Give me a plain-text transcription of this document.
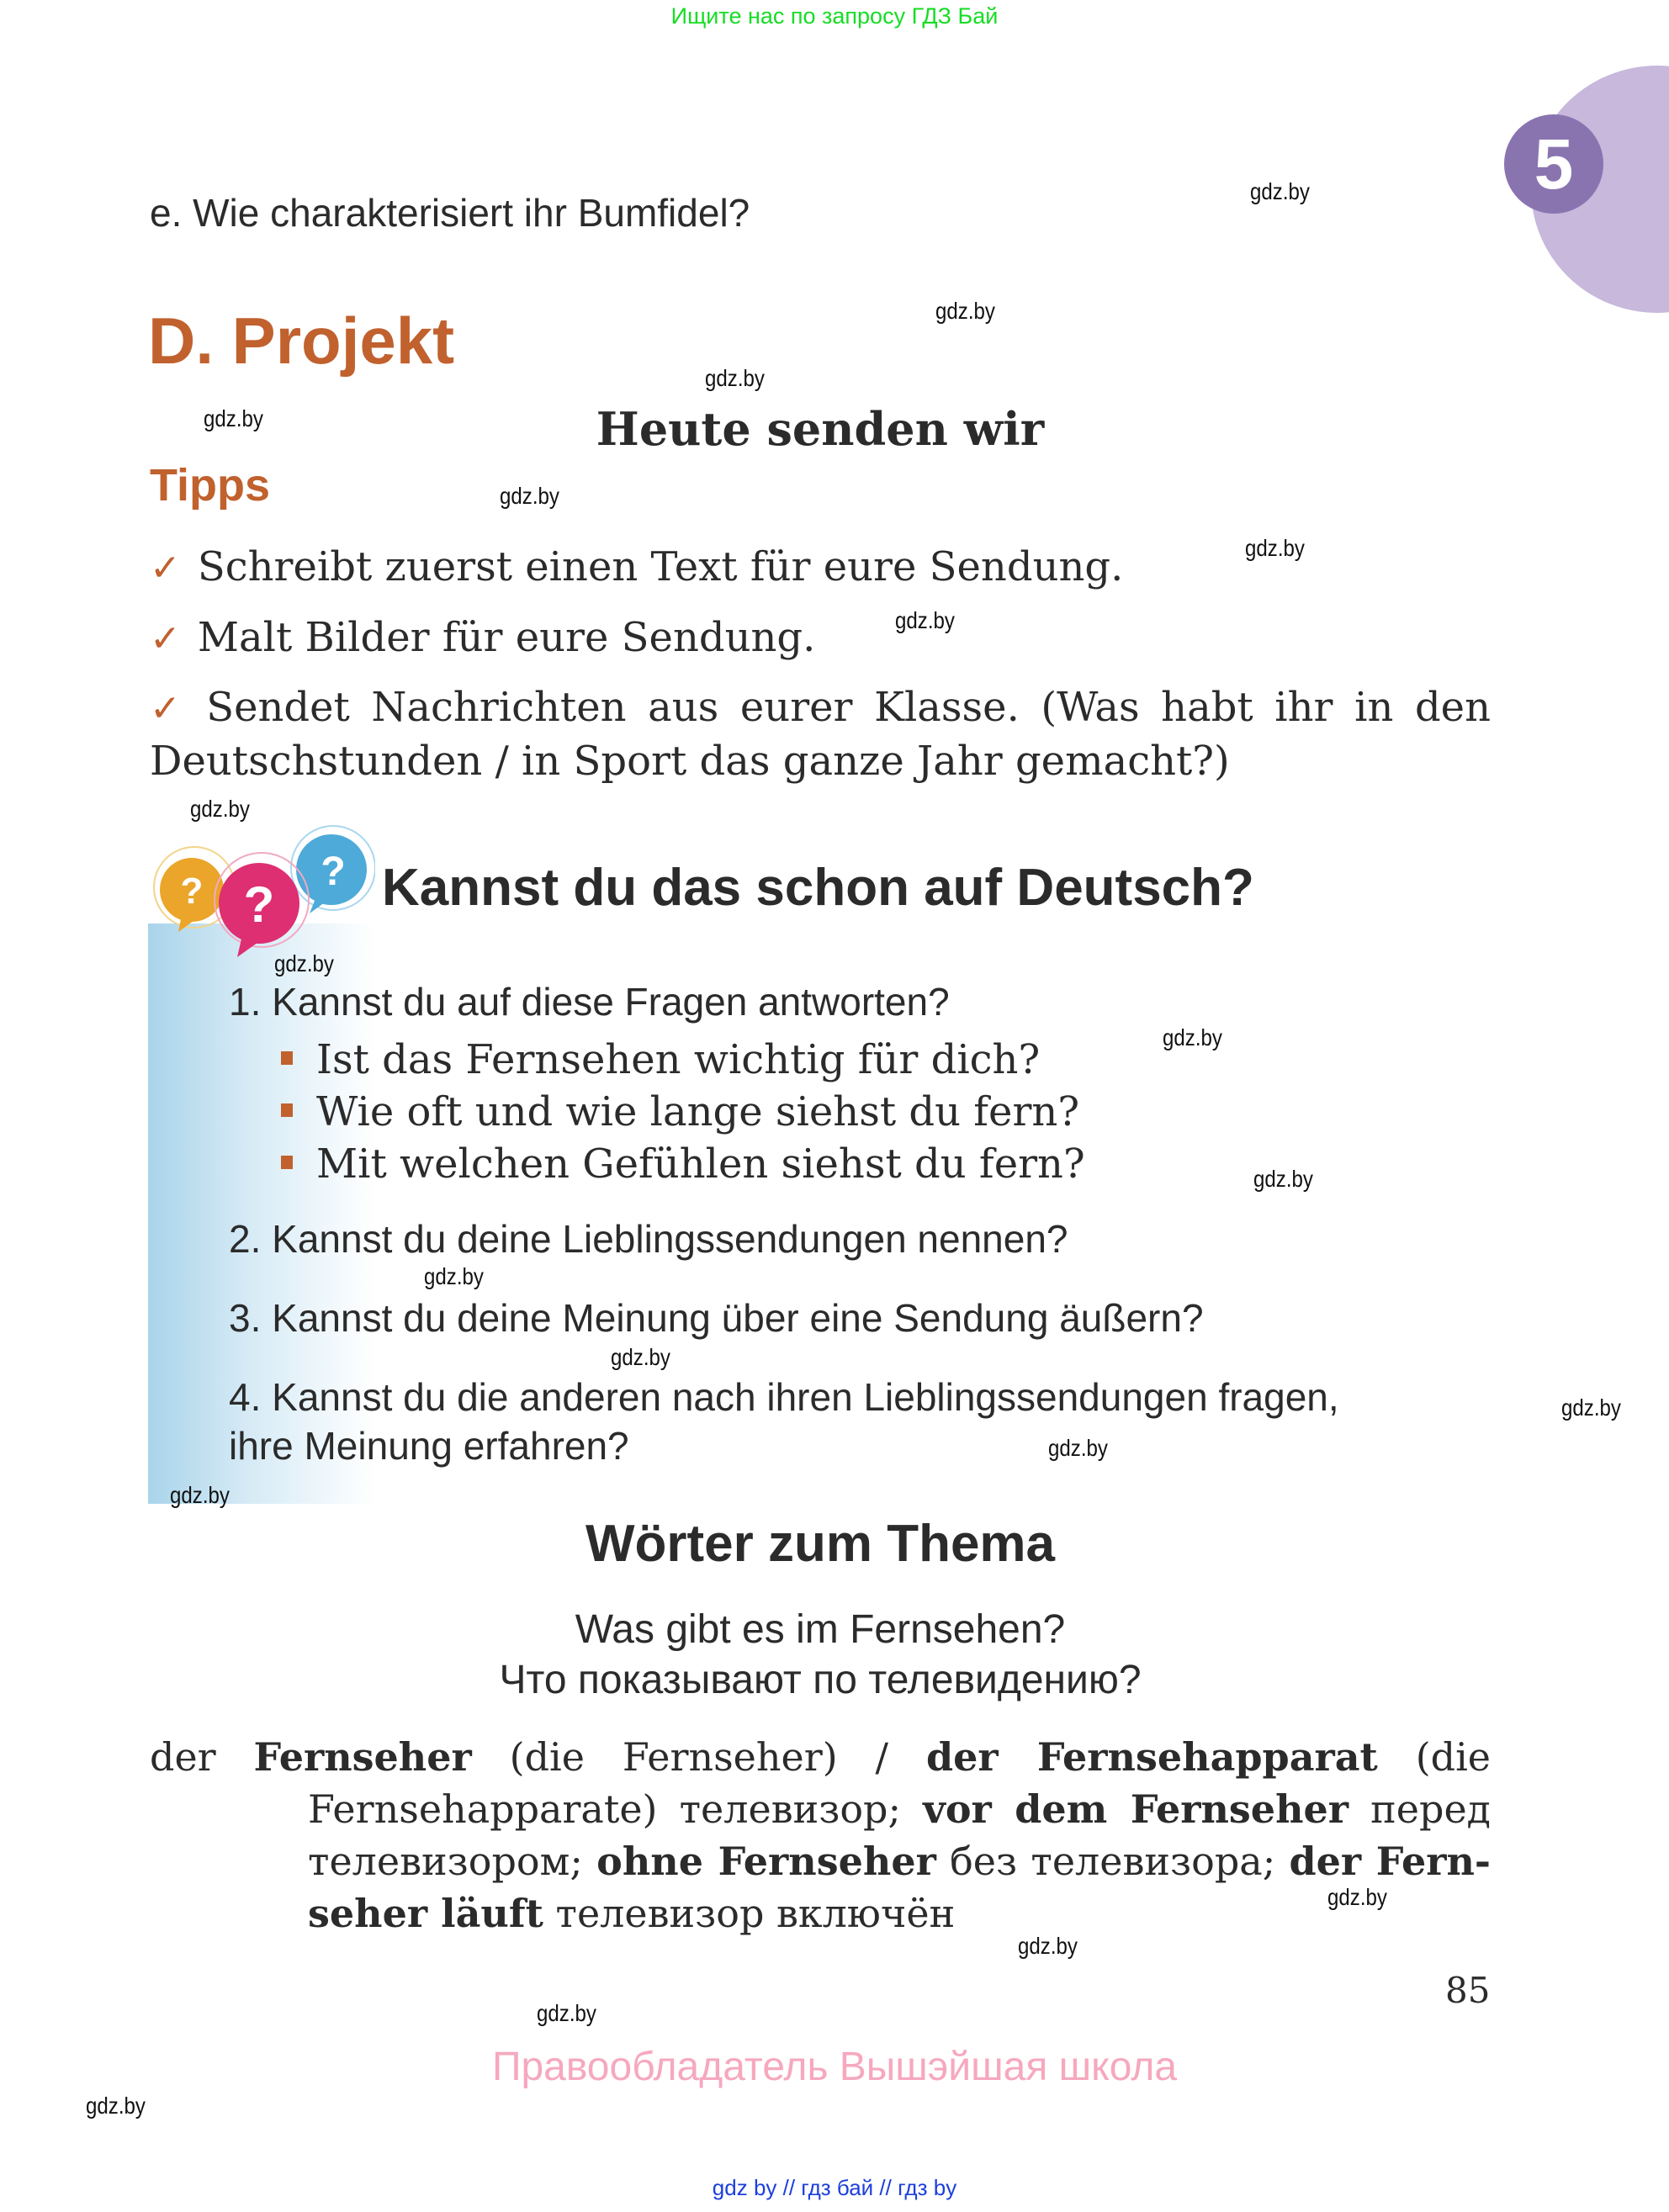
Ищите нас по запросу ГДЗ Бай
5
e. Wie charakterisiert ihr Bumfidel?
D. Projekt
Heute senden wir
Tipps
✓ Schreibt zuerst einen Text für eure Sendung.
✓ Malt Bilder für eure Sendung.
✓ Sendet Nachrichten aus eurer Klasse. (Was habt ihr in den Deutschstunden / in Sport das ganze Jahr gemacht?)
?	?
? Kannst du das schon auf Deutsch?
1. Kannst du auf diese Fragen antworten?
Ist das Fernsehen wichtig für dich?
Wie oft und wie lange siehst du fern?
Mit welchen Gefühlen siehst du fern?
2. Kannst du deine Lieblingssendungen nennen?
3. Kannst du deine Meinung über eine Sendung äußern?
4. Kannst du die anderen nach ihren Lieblingssendungen fragen,
ihre Meinung erfahren?
Wörter zum Thema
Was gibt es im Fernsehen?
Что показывают по телевидению?
der Fernseher (die Fernseher) / der Fernsehapparat (die Fernsehapparate) телевизор; vor dem Fernseher перед телевизором; ohne Fernseher без телевизора; der Fern-seher läuft телевизор включён
85
Правообладатель Вышэйшая школа
gdz by // гдз бай // гдз by
gdz.by
gdz.by
gdz.by
gdz.by
gdz.by
gdz.by
gdz.by
gdz.by
gdz.by
gdz.by
gdz.by
gdz.by
gdz.by
gdz.by
gdz.by
gdz.by
gdz.by
gdz.by
gdz.by
gdz.by
